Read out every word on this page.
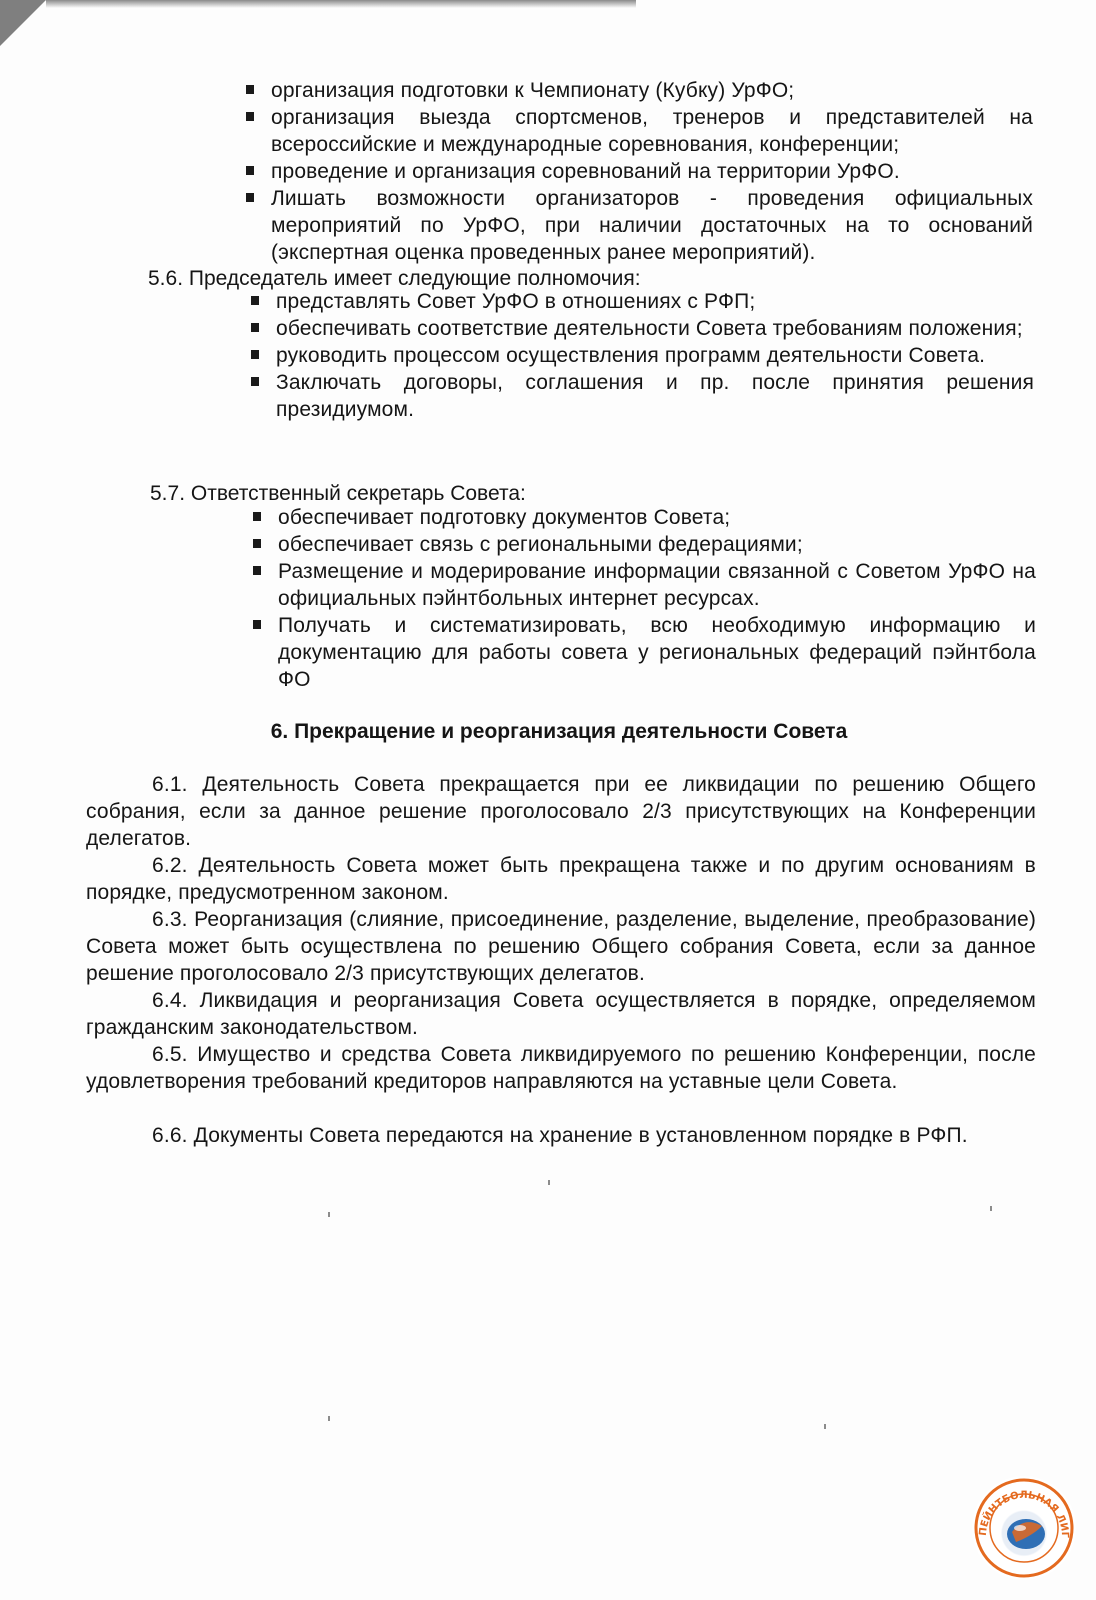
организация подготовки к Чемпионату (Кубку) УрФО;
организация выезда спортсменов, тренеров и представителей на всероссийские и международные соревнования, конференции;
проведение и организация соревнований на территории УрФО.
Лишать возможности организаторов - проведения официальных мероприятий по УрФО, при наличии достаточных на то оснований (экспертная оценка проведенных ранее мероприятий).

5.6. Председатель имеет следующие полномочия:

представлять Совет УрФО в отношениях с РФП;
обеспечивать соответствие деятельности Совета требованиям положения;
руководить процессом осуществления программ деятельности Совета.
Заключать договоры, соглашения и пр. после принятия решения президиумом.

5.7. Ответственный секретарь Совета:

обеспечивает подготовку документов Совета;
обеспечивает связь с региональными федерациями;
Размещение и модерирование информации связанной с Советом УрФО на официальных пэйнтбольных интернет ресурсах.
Получать и систематизировать, всю необходимую информацию и документацию для работы совета у региональных федераций пэйнтбола ФО
6. Прекращение и реорганизация деятельности Совета

6.1. Деятельность Совета прекращается при ее ликвидации по решению Общего собрания, если за данное решение проголосовало 2/3 присутствующих на Конференции делегатов.

6.2. Деятельность Совета может быть прекращена также и по другим основаниям в порядке, предусмотренном законом.

6.3. Реорганизация (слияние, присоединение, разделение, выделение, преобразование) Совета может быть осуществлена по решению Общего собрания Совета, если за данное решение проголосовало 2/3 присутствующих делегатов.

6.4. Ликвидация и реорганизация Совета осуществляется в порядке, определяемом гражданским законодательством.

6.5. Имущество и средства Совета ликвидируемого по решению Конференции, после удовлетворения требований кредиторов направляются на уставные цели Совета.

6.6. Документы Совета передаются на хранение в установленном порядке в РФП.

ПЕЙНТБОЛЬНАЯ ЛИГ
